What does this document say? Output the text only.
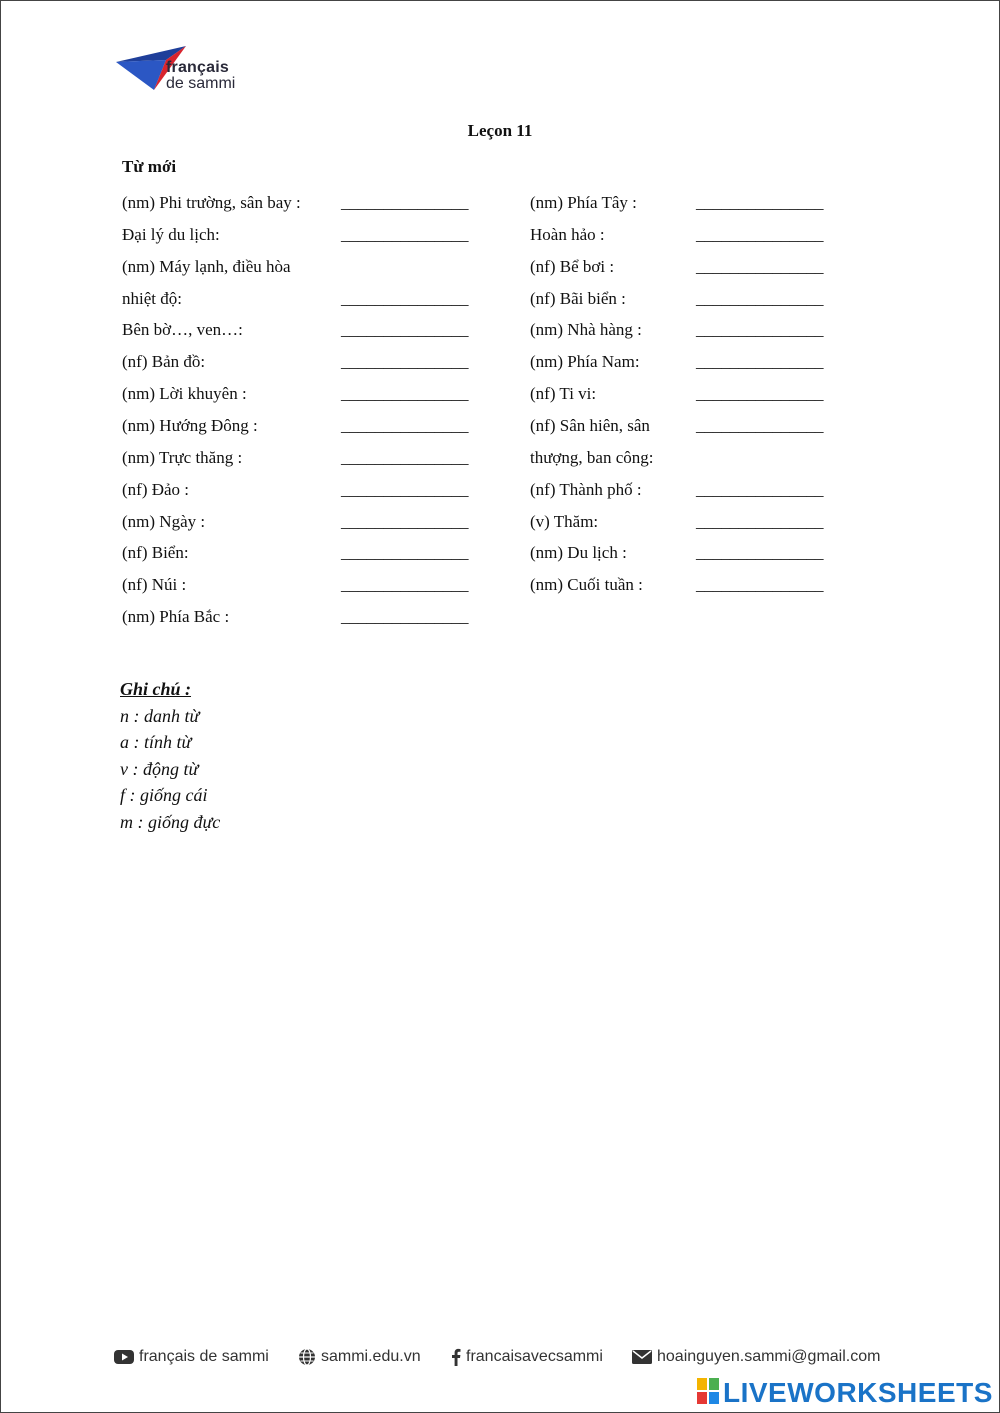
français
de sammi
Leçon 11
Từ mới
(nm) Phi trường, sân bay : _______________
Đại lý du lịch:	_______________
(nm) Máy lạnh, điều hòa
nhiệt độ:	_______________
Bên bờ…, ven…:	_______________
(nf) Bản đồ:	_______________
(nm) Lời khuyên :	_______________
(nm) Hướng Đông :	_______________
(nm) Trực thăng :	_______________
(nf) Đảo :	_______________
(nm) Ngày :	_______________
(nf) Biển:	_______________
(nf) Núi :	_______________
(nm) Phía Bắc :	_______________
(nm) Phía Tây :	_______________
Hoàn hảo :	_______________
(nf) Bể bơi :	_______________
(nf) Bãi biển :	_______________
(nm) Nhà hàng :	_______________
(nm) Phía Nam:	_______________
(nf) Ti vi:	_______________
(nf) Sân hiên, sân	_______________
thượng, ban công:
(nf) Thành phố :	_______________
(v) Thăm:	_______________
(nm) Du lịch :	_______________
(nm) Cuối tuần :	_______________
Ghi chú :
n : danh từ
a : tính từ
v : động từ
f : giống cái
m : giống đực
français de sammi	sammi.edu.vn	francaisavecsammi	hoainguyen.sammi@gmail.com
LIVEWORKSHEETS
